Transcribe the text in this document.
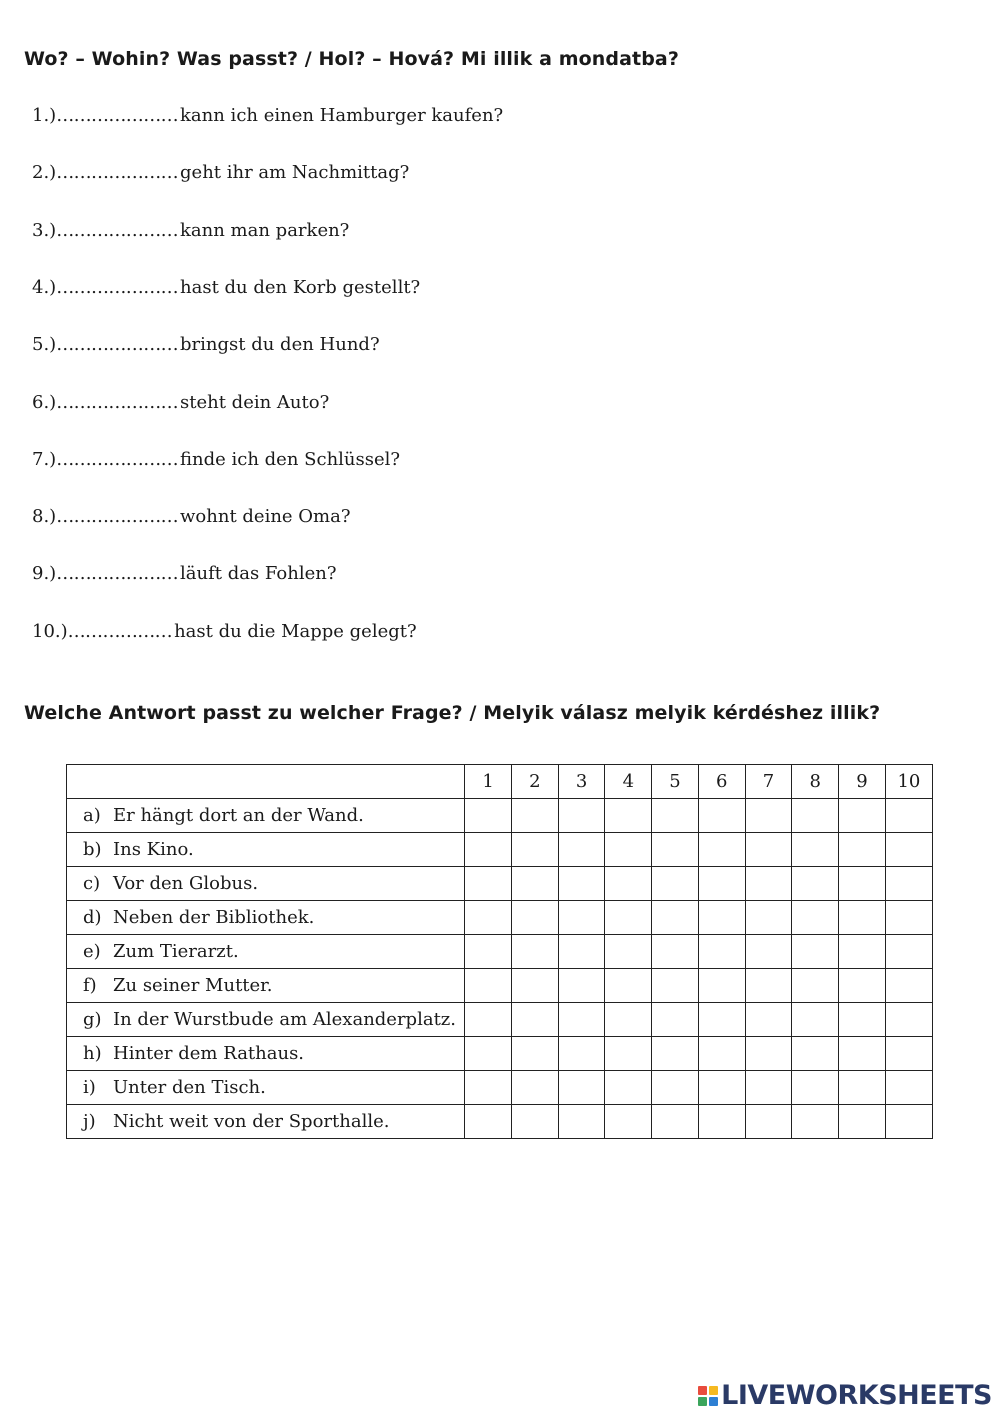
Wo? – Wohin? Was passt? / Hol? – Hová? Mi illik a mondatba?
1.) ………………… kann ich einen Hamburger kaufen?
2.) ………………… geht ihr am Nachmittag?
3.) ………………… kann man parken?
4.) ………………… hast du den Korb gestellt?
5.) ………………… bringst du den Hund?
6.) ………………… steht dein Auto?
7.) ………………… finde ich den Schlüssel?
8.) ………………… wohnt deine Oma?
9.) ………………… läuft das Fohlen?
10.) ……………… hast du die Mappe gelegt?
Welche Antwort passt zu welcher Frage? / Melyik válasz melyik kérdéshez illik?
	1	2	3	4	5	6	7	8	9	10
a) Er hängt dort an der Wand.										
b) Ins Kino.										
c) Vor den Globus.										
d) Neben der Bibliothek.										
e) Zum Tierarzt.										
f) Zu seiner Mutter.										
g) In der Wurstbude am Alexanderplatz.										
h) Hinter dem Rathaus.										
i) Unter den Tisch.										
j) Nicht weit von der Sporthalle.										
LIVEWORKSHEETS
